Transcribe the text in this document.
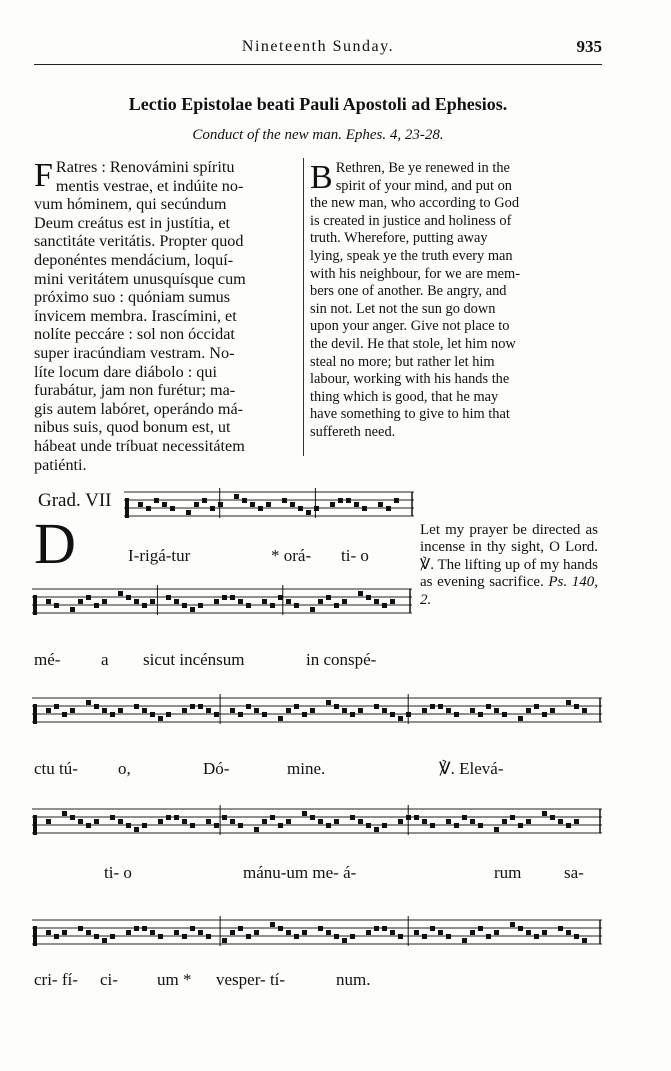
Nineteenth Sunday.	935
Lectio Epistolae beati Pauli Apostoli ad Ephesios.
Conduct of the new man. Ephes. 4, 23-28.
F Ratres : Renovámini spíritu
mentis vestrae, et indúite no-
vum hóminem, qui secúndum
Deum creátus est in justítia, et
sanctitáte veritátis. Propter quod
deponéntes mendácium, loquí-
mini veritátem unusquísque cum
próximo suo : quóniam sumus
ínvicem membra. Irascímini, et
nolíte peccáre : sol non óccidat
super iracúndiam vestram. No-
líte locum dare diábolo : qui
furabátur, jam non furétur; ma-
gis autem labóret, operándo má-
nibus suis, quod bonum est, ut
hábeat unde tríbuat necessitátem
patiénti.
B Rethren, Be ye renewed in the
spirit of your mind, and put on
the new man, who according to God
is created in justice and holiness of
truth. Wherefore, putting away
lying, speak ye the truth every man
with his neighbour, for we are mem-
bers one of another. Be angry, and
sin not. Let not the sun go down
upon your anger. Give not place to
the devil. He that stole, let him now
steal no more; but rather let him
labour, working with his hands the
thing which is good, that he may
have something to give to him that
suffereth need.
Grad. VII
D	Let my prayer be directed as incense in thy sight, O Lord. ℣. The lifting up of my hands as evening sacrifice. Ps. 140, 2.
I-rigá-tur	* orá- ti- o
mé- a sicut incénsum	in conspé-
ctu tú- o,	Dó-	mine.	℣. Elevá-
ti- o	mánu-um me- á-	rum	sa-
cri- fí- ci- um * vesper- tí-	num.
